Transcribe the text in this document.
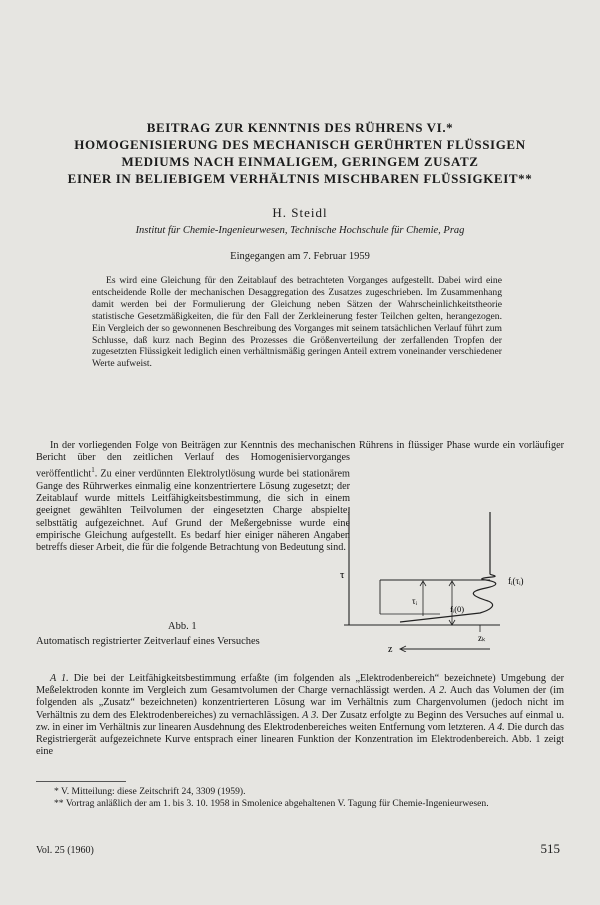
BEITRAG ZUR KENNTNIS DES RÜHRENS VI.*
HOMOGENISIERUNG DES MECHANISCH GERÜHRTEN FLÜSSIGEN
MEDIUMS NACH EINMALIGEM, GERINGEM ZUSATZ
EINER IN BELIEBIGEM VERHÄLTNIS MISCHBAREN FLÜSSIGKEIT**
H. Steidl
Institut für Chemie-Ingenieurwesen, Technische Hochschule für Chemie, Prag
Eingegangen am 7. Februar 1959

Es wird eine Gleichung für den Zeitablauf des betrachteten Vorganges aufgestellt. Dabei wird eine entscheidende Rolle der mechanischen Desaggregation des Zusatzes zugeschrieben. Im Zusammenhang damit werden bei der Formulierung der Gleichung neben Sätzen der Wahrscheinlichkeitstheorie statistische Gesetzmäßigkeiten, die für den Fall der Zerkleinerung fester Teilchen gelten, herangezogen. Ein Vergleich der so gewonnenen Beschreibung des Vorganges mit seinem tatsächlichen Verlauf führt zum Schlusse, daß kurz nach Beginn des Prozesses die Größenverteilung der zerfallenden Tropfen der zugesetzten Flüssigkeit lediglich einen verhältnismäßig geringen Anteil extrem voneinander verschiedener Werte aufweist.

In der vorliegenden Folge von Beiträgen zur Kenntnis des mechanischen Rührens in flüssiger Phase wurde ein vorläufiger Bericht über den zeitlichen Verlauf des Homogenisiervorganges veröffentlicht$^1$. Zu einer verdünnten Elektrolytlösung wurde bei stationärem Gange des Rührwerkes einmalig eine konzentriertere Lösung zugesetzt; der Zeitablauf wurde mittels Leitfähigkeitsbestimmung, die sich in einem geeignet gewählten Teilvolumen der eingesetzten Charge abspielte, selbsttätig aufgezeichnet. Auf Grund der Meßergebnisse wurde eine empirische Gleichung aufgestellt. Es bedarf hier einiger näheren Angaben betreffs dieser Arbeit, die für die folgende Betrachtung von Bedeutung sind.
τ
τᵢ
fᵢ(0)
fᵢ(τᵢ)
zₖ
z
Abb. 1
Automatisch registrierter Zeitverlauf eines Versuches

A 1. Die bei der Leitfähigkeitsbestimmung erfaßte (im folgenden als „Elektrodenbereich“ bezeichnete) Umgebung der Meßelektroden konnte im Vergleich zum Gesamtvolumen der Charge vernachlässigt werden. A 2. Auch das Volumen der (im folgenden als „Zusatz“ bezeichneten) konzentrierteren Lösung war im Verhältnis zum Chargenvolumen (jedoch nicht im Verhältnis zu dem des Elektrodenbereiches) zu vernachlässigen. A 3. Der Zusatz erfolgte zu Beginn des Versuches auf einmal u. zw. in einer im Verhältnis zur linearen Ausdehnung des Elektrodenbereiches weiten Entfernung vom letzteren. A 4. Die durch das Registriergerät aufgezeichnete Kurve entsprach einer linearen Funktion der Konzentration im Elektrodenbereich. Abb. 1 zeigt eine

* V. Mitteilung: diese Zeitschrift 24, 3309 (1959).

** Vortrag anläßlich der am 1. bis 3. 10. 1958 in Smolenice abgehaltenen V. Tagung für Chemie-Ingenieurwesen.

Vol. 25 (1960)	515
